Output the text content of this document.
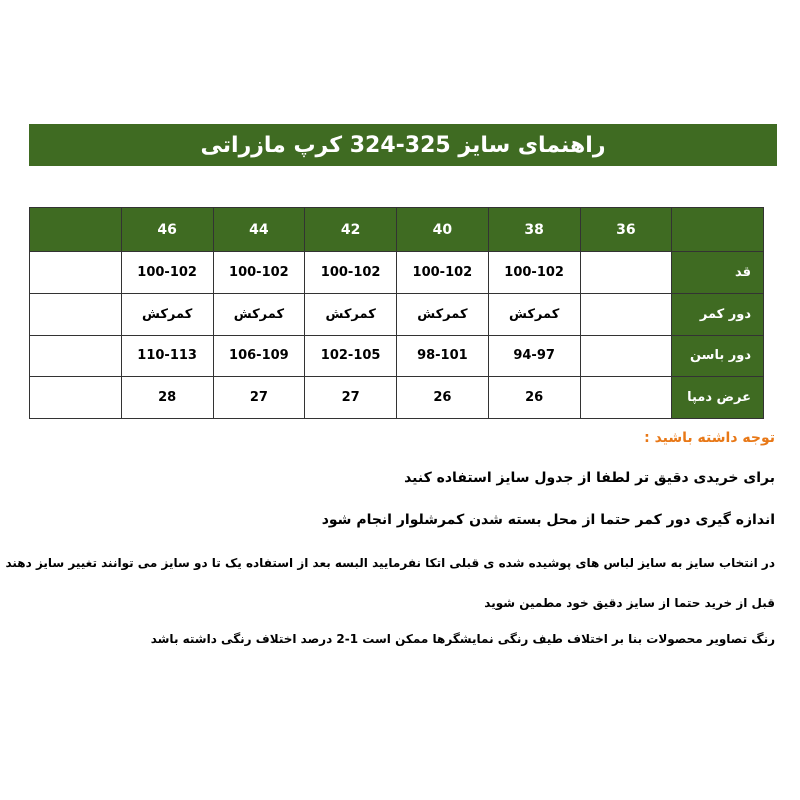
راهنمای سایز 325-324 کرپ مازراتی
	46	44	42	40	38	36	
	100-102	100-102	100-102	100-102	100-102		قد
	کمرکش	کمرکش	کمرکش	کمرکش	کمرکش		دور کمر
	110-113	106-109	102-105	98-101	94-97		دور باسن
	28	27	27	26	26		عرض دمپا
توجه داشته باشید :
برای خریدی دقیق تر لطفا از جدول سایز استفاده کنید
اندازه گیری دور کمر حتما از محل بسته شدن کمرشلوار انجام شود
در انتخاب سایز به سایز لباس های پوشیده شده ی قبلی اتکا نفرمایید البسه بعد از استفاده یک تا دو سایز می توانند تغییر سایز دهند
قبل از خرید حتما از سایز دقیق خود مطمین شوید
رنگ تصاویر محصولات بنا بر اختلاف طیف رنگی نمایشگرها ممکن است 1-2 درصد اختلاف رنگی داشته باشد
